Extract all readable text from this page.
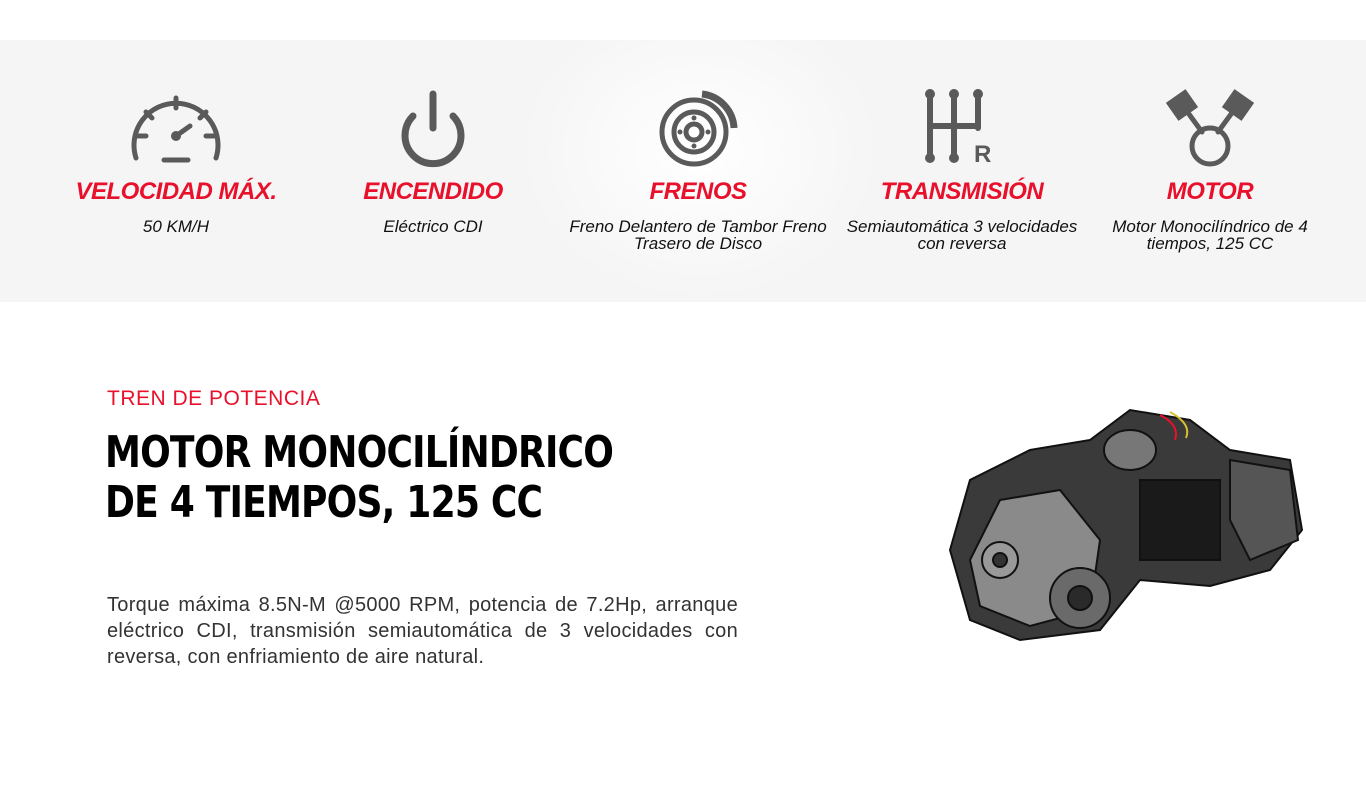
VELOCIDAD MÁX.
50 KM/H
ENCENDIDO
Eléctrico CDI
FRENOS
Freno Delantero de Tambor Freno Trasero de Disco
R
TRANSMISIÓN
Semiautomática 3 velocidades con reversa
MOTOR
Motor Monocilíndrico de 4 tiempos, 125 CC
TREN DE POTENCIA
MOTOR MONOCILÍNDRICO
DE 4 TIEMPOS, 125 CC

Torque máxima 8.5N-M @5000 RPM, potencia de 7.2Hp, arranque eléctrico CDI, transmisión semiautomática de 3 velocidades con reversa, con enfriamiento de aire natural.
